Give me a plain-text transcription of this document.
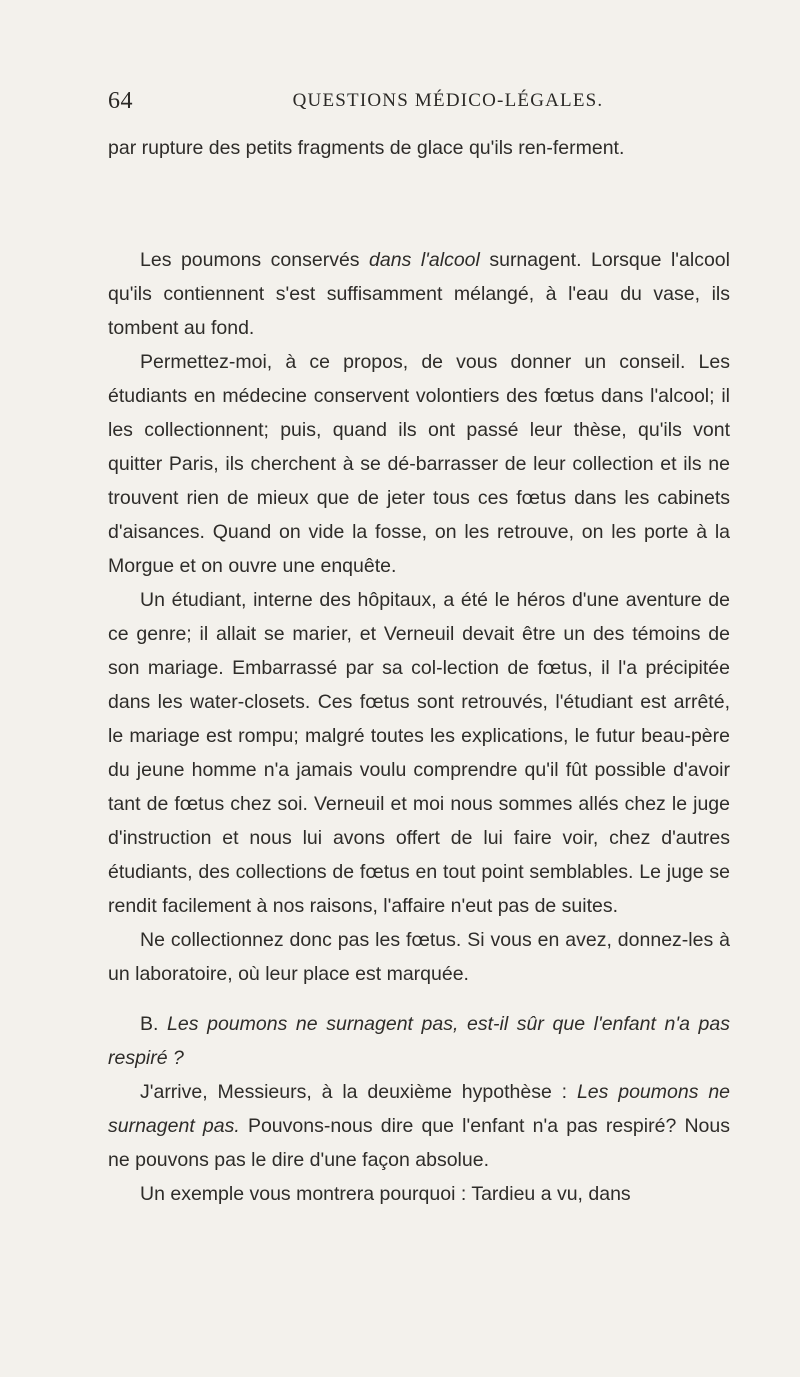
64	QUESTIONS MÉDICO-LÉGALES.

par rupture des petits fragments de glace qu'ils ren-ferment.

Les poumons conservés dans l'alcool surnagent. Lorsque l'alcool qu'ils contiennent s'est suffisamment mélangé, à l'eau du vase, ils tombent au fond.

Permettez-moi, à ce propos, de vous donner un conseil. Les étudiants en médecine conservent volontiers des fœtus dans l'alcool; il les collectionnent; puis, quand ils ont passé leur thèse, qu'ils vont quitter Paris, ils cherchent à se dé-barrasser de leur collection et ils ne trouvent rien de mieux que de jeter tous ces fœtus dans les cabinets d'aisances. Quand on vide la fosse, on les retrouve, on les porte à la Morgue et on ouvre une enquête.

Un étudiant, interne des hôpitaux, a été le héros d'une aventure de ce genre; il allait se marier, et Verneuil devait être un des témoins de son mariage. Embarrassé par sa col-lection de fœtus, il l'a précipitée dans les water-closets. Ces fœtus sont retrouvés, l'étudiant est arrêté, le mariage est rompu; malgré toutes les explications, le futur beau-père du jeune homme n'a jamais voulu comprendre qu'il fût possible d'avoir tant de fœtus chez soi. Verneuil et moi nous sommes allés chez le juge d'instruction et nous lui avons offert de lui faire voir, chez d'autres étudiants, des collections de fœtus en tout point semblables. Le juge se rendit facilement à nos raisons, l'affaire n'eut pas de suites.

Ne collectionnez donc pas les fœtus. Si vous en avez, donnez-les à un laboratoire, où leur place est marquée.

B. Les poumons ne surnagent pas, est-il sûr que l'enfant n'a pas respiré ?

J'arrive, Messieurs, à la deuxième hypothèse : Les poumons ne surnagent pas. Pouvons-nous dire que l'enfant n'a pas respiré? Nous ne pouvons pas le dire d'une façon absolue.

Un exemple vous montrera pourquoi : Tardieu a vu, dans
